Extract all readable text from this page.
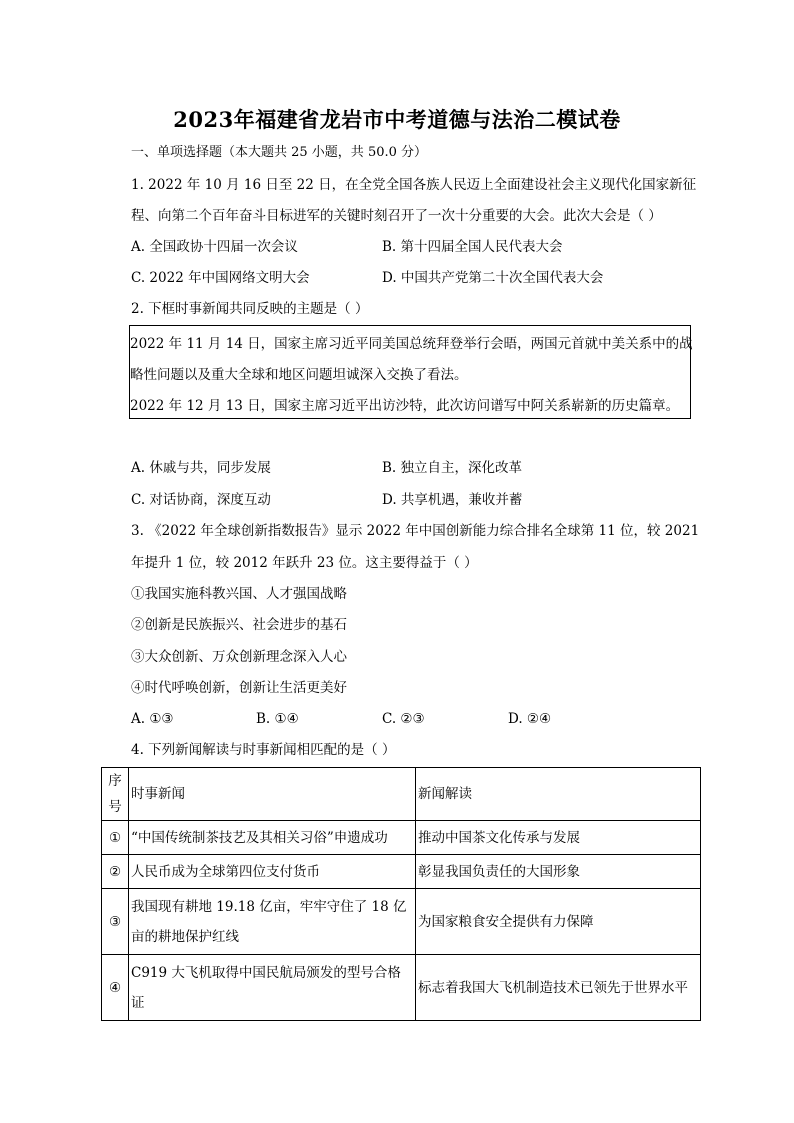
2023年福建省龙岩市中考道德与法治二模试卷
一、单项选择题（本大题共 25 小题，共 50.0 分）
1. 2022 年 10 月 16 日至 22 日，在全党全国各族人民迈上全面建设社会主义现代化国家新征
程、向第二个百年奋斗目标进军的关键时刻召开了一次十分重要的大会。此次大会是（ ）
A. 全国政协十四届一次会议	B. 第十四届全国人民代表大会
C. 2022 年中国网络文明大会	D. 中国共产党第二十次全国代表大会
2. 下框时事新闻共同反映的主题是（ ）
2022 年 11 月 14 日，国家主席习近平同美国总统拜登举行会晤，两国元首就中美关系中的战
略性问题以及重大全球和地区问题坦诚深入交换了看法。
2022 年 12 月 13 日，国家主席习近平出访沙特，此次访问谱写中阿关系崭新的历史篇章。
A. 休戚与共，同步发展	B. 独立自主，深化改革
C. 对话协商，深度互动	D. 共享机遇，兼收并蓄
3. 《2022 年全球创新指数报告》显示 2022 年中国创新能力综合排名全球第 11 位，较 2021
年提升 1 位，较 2012 年跃升 23 位。这主要得益于（ ）
①我国实施科教兴国、人才强国战略
②创新是民族振兴、社会进步的基石
③大众创新、万众创新理念深入人心
④时代呼唤创新，创新让生活更美好
A. ①③	B. ①④	C. ②③	D. ②④
4. 下列新闻解读与时事新闻相匹配的是（ ）
序号	时事新闻	新闻解读
①	“中国传统制茶技艺及其相关习俗”申遗成功	推动中国茶文化传承与发展
②	人民币成为全球第四位支付货币	彰显我国负责任的大国形象
③	我国现有耕地 19.18 亿亩，牢牢守住了 18 亿亩的耕地保护红线	为国家粮食安全提供有力保障
④	C919 大飞机取得中国民航局颁发的型号合格证	标志着我国大飞机制造技术已领先于世界水平
